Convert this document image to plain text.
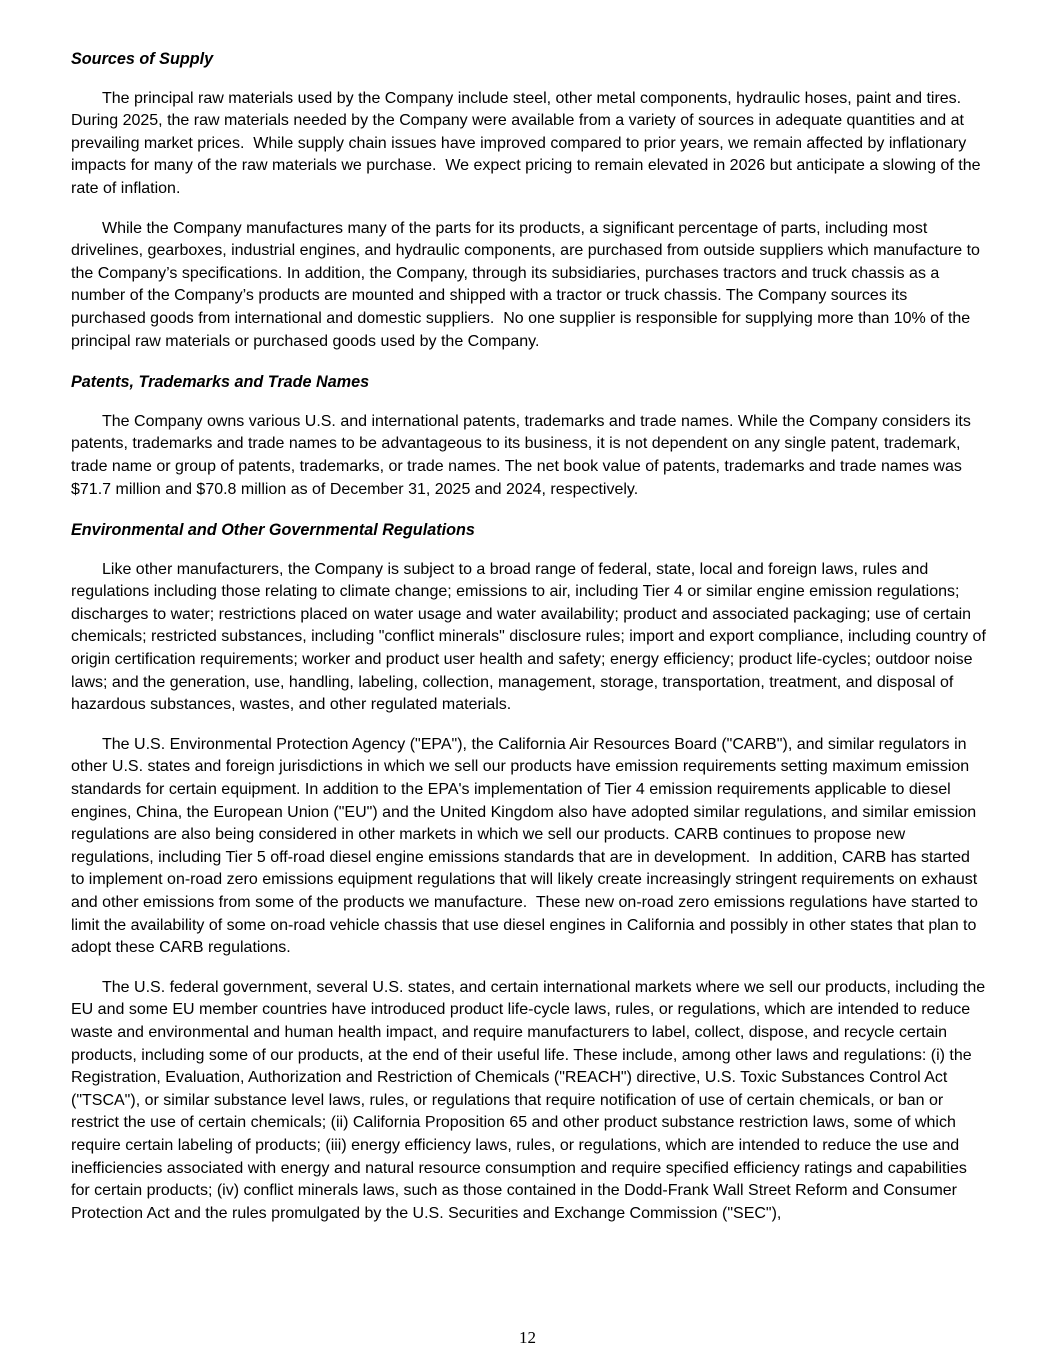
Sources of Supply

The principal raw materials used by the Company include steel, other metal components, hydraulic hoses, paint and tires. During 2025, the raw materials needed by the Company were available from a variety of sources in adequate quantities and at prevailing market prices.  While supply chain issues have improved compared to prior years, we remain affected by inflationary impacts for many of the raw materials we purchase.  We expect pricing to remain elevated in 2026 but anticipate a slowing of the rate of inflation.

While the Company manufactures many of the parts for its products, a significant percentage of parts, including most drivelines, gearboxes, industrial engines, and hydraulic components, are purchased from outside suppliers which manufacture to the Company’s specifications. In addition, the Company, through its subsidiaries, purchases tractors and truck chassis as a number of the Company’s products are mounted and shipped with a tractor or truck chassis. The Company sources its purchased goods from international and domestic suppliers.  No one supplier is responsible for supplying more than 10% of the principal raw materials or purchased goods used by the Company.

Patents, Trademarks and Trade Names

The Company owns various U.S. and international patents, trademarks and trade names. While the Company considers its patents, trademarks and trade names to be advantageous to its business, it is not dependent on any single patent, trademark, trade name or group of patents, trademarks, or trade names. The net book value of patents, trademarks and trade names was $71.7 million and $70.8 million as of December 31, 2025 and 2024, respectively.

Environmental and Other Governmental Regulations

Like other manufacturers, the Company is subject to a broad range of federal, state, local and foreign laws, rules and regulations including those relating to climate change; emissions to air, including Tier 4 or similar engine emission regulations; discharges to water; restrictions placed on water usage and water availability; product and associated packaging; use of certain chemicals; restricted substances, including "conflict minerals" disclosure rules; import and export compliance, including country of origin certification requirements; worker and product user health and safety; energy efficiency; product life-cycles; outdoor noise laws; and the generation, use, handling, labeling, collection, management, storage, transportation, treatment, and disposal of hazardous substances, wastes, and other regulated materials.

The U.S. Environmental Protection Agency ("EPA"), the California Air Resources Board ("CARB"), and similar regulators in other U.S. states and foreign jurisdictions in which we sell our products have emission requirements setting maximum emission standards for certain equipment. In addition to the EPA's implementation of Tier 4 emission requirements applicable to diesel engines, China, the European Union ("EU") and the United Kingdom also have adopted similar regulations, and similar emission regulations are also being considered in other markets in which we sell our products. CARB continues to propose new regulations, including Tier 5 off-road diesel engine emissions standards that are in development.  In addition, CARB has started to implement on-road zero emissions equipment regulations that will likely create increasingly stringent requirements on exhaust and other emissions from some of the products we manufacture.  These new on-road zero emissions regulations have started to limit the availability of some on-road vehicle chassis that use diesel engines in California and possibly in other states that plan to adopt these CARB regulations.

The U.S. federal government, several U.S. states, and certain international markets where we sell our products, including the EU and some EU member countries have introduced product life-cycle laws, rules, or regulations, which are intended to reduce waste and environmental and human health impact, and require manufacturers to label, collect, dispose, and recycle certain products, including some of our products, at the end of their useful life. These include, among other laws and regulations: (i) the Registration, Evaluation, Authorization and Restriction of Chemicals ("REACH") directive, U.S. Toxic Substances Control Act ("TSCA"), or similar substance level laws, rules, or regulations that require notification of use of certain chemicals, or ban or restrict the use of certain chemicals; (ii) California Proposition 65 and other product substance restriction laws, some of which require certain labeling of products; (iii) energy efficiency laws, rules, or regulations, which are intended to reduce the use and inefficiencies associated with energy and natural resource consumption and require specified efficiency ratings and capabilities for certain products; (iv) conflict minerals laws, such as those contained in the Dodd-Frank Wall Street Reform and Consumer Protection Act and the rules promulgated by the U.S. Securities and Exchange Commission ("SEC"),

12
